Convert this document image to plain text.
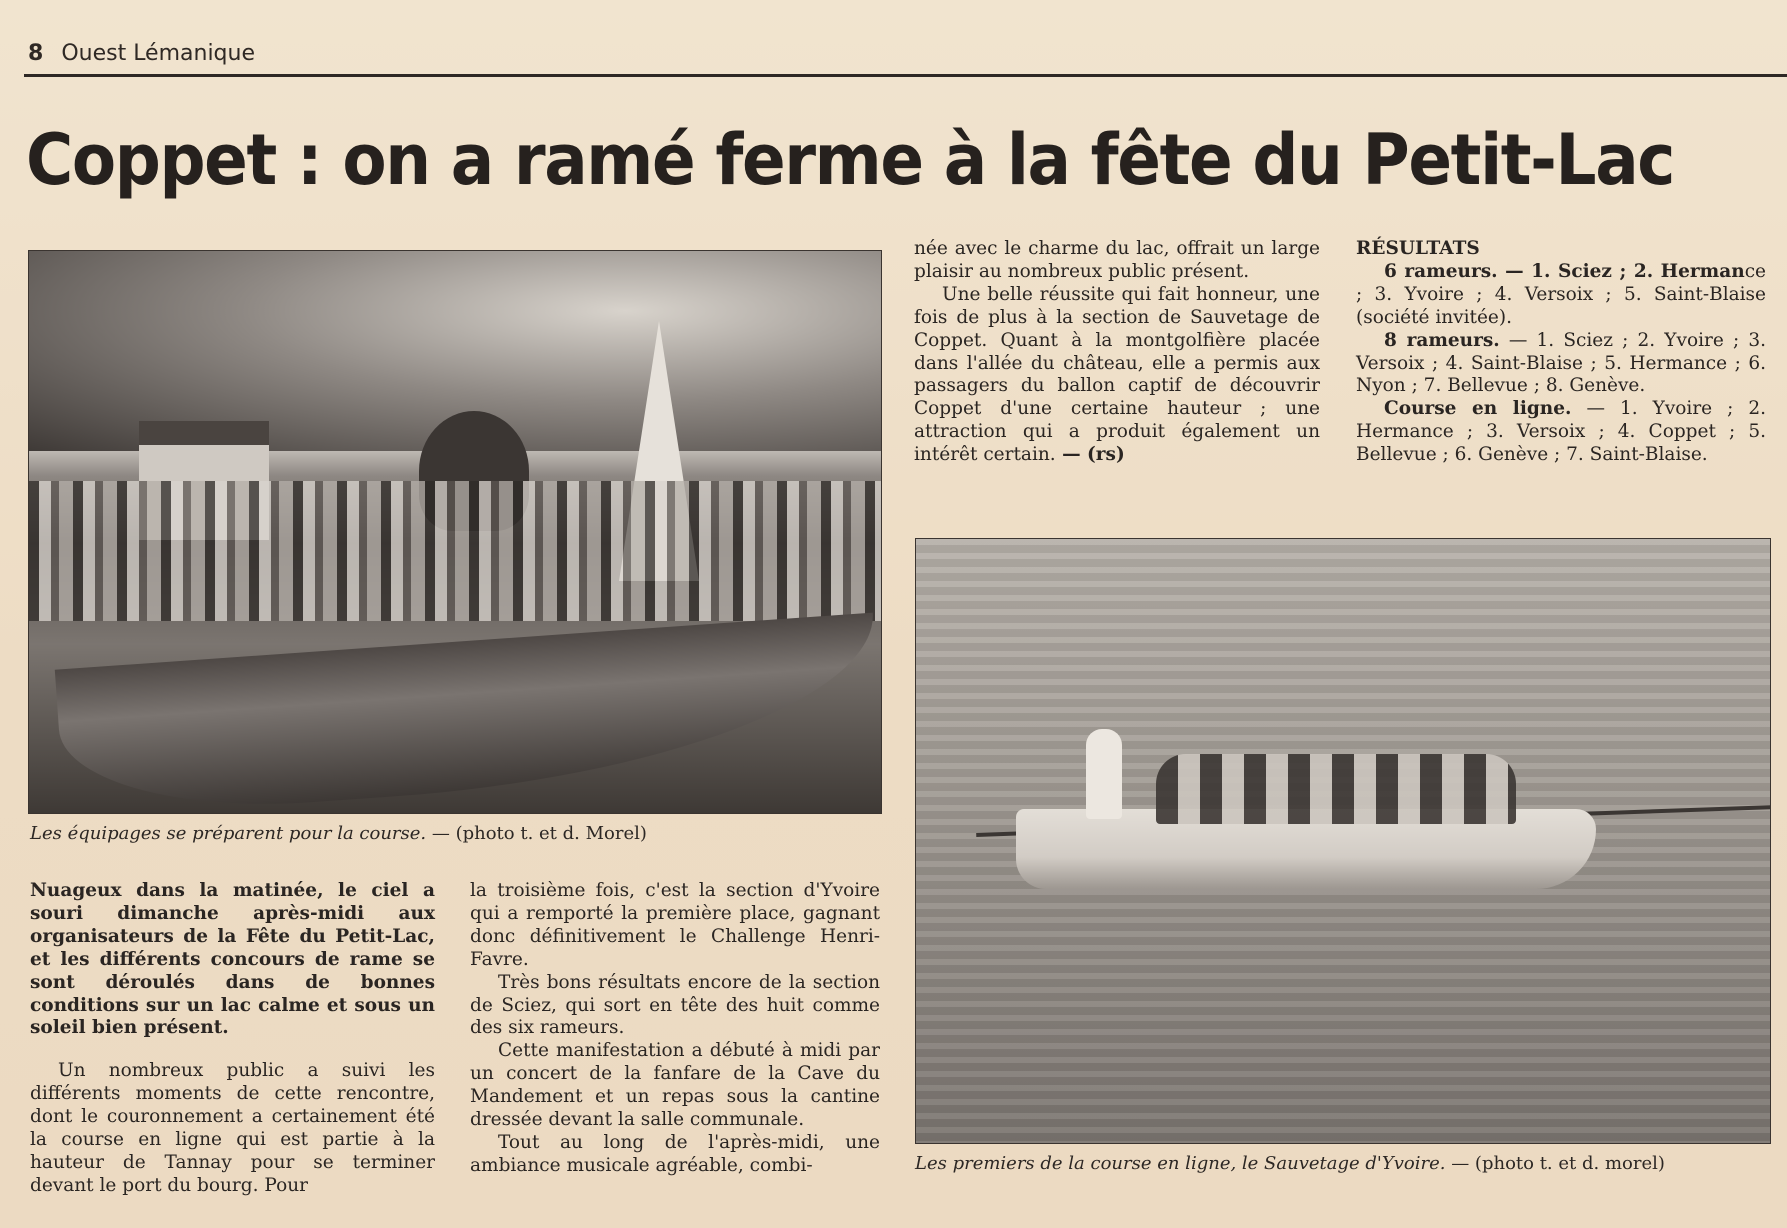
8 Ouest Lémanique
Coppet : on a ramé ferme à la fête du Petit-Lac
Les équipages se préparent pour la course. — (photo t. et d. Morel)

Nuageux dans la matinée, le ciel a souri dimanche après-midi aux organisateurs de la Fête du Petit-Lac, et les différents concours de rame se sont déroulés dans de bonnes conditions sur un lac calme et sous un soleil bien présent.

Un nombreux public a suivi les différents moments de cette rencontre, dont le couronnement a certainement été la course en ligne qui est partie à la hauteur de Tannay pour se terminer devant le port du bourg. Pour

la troisième fois, c'est la section d'Yvoire qui a remporté la première place, gagnant donc définitivement le Challenge Henri-Favre.

Très bons résultats encore de la section de Sciez, qui sort en tête des huit comme des six rameurs.

Cette manifestation a débuté à midi par un concert de la fanfare de la Cave du Mandement et un repas sous la cantine dressée devant la salle communale.

Tout au long de l'après-midi, une ambiance musicale agréable, combi-

née avec le charme du lac, offrait un large plaisir au nombreux public présent.

Une belle réussite qui fait honneur, une fois de plus à la section de Sauvetage de Coppet. Quant à la montgolfière placée dans l'allée du château, elle a permis aux passagers du ballon captif de découvrir Coppet d'une certaine hauteur ; une attraction qui a produit également un intérêt certain. — (rs)

RÉSULTATS

6 rameurs. — 1. Sciez ; 2. Hermance ; 3. Yvoire ; 4. Versoix ; 5. Saint-Blaise (société invitée).

8 rameurs. — 1. Sciez ; 2. Yvoire ; 3. Versoix ; 4. Saint-Blaise ; 5. Hermance ; 6. Nyon ; 7. Bellevue ; 8. Genève.

Course en ligne. — 1. Yvoire ; 2. Hermance ; 3. Versoix ; 4. Coppet ; 5. Bellevue ; 6. Genève ; 7. Saint-Blaise.

Les premiers de la course en ligne, le Sauvetage d'Yvoire. — (photo t. et d. morel)
